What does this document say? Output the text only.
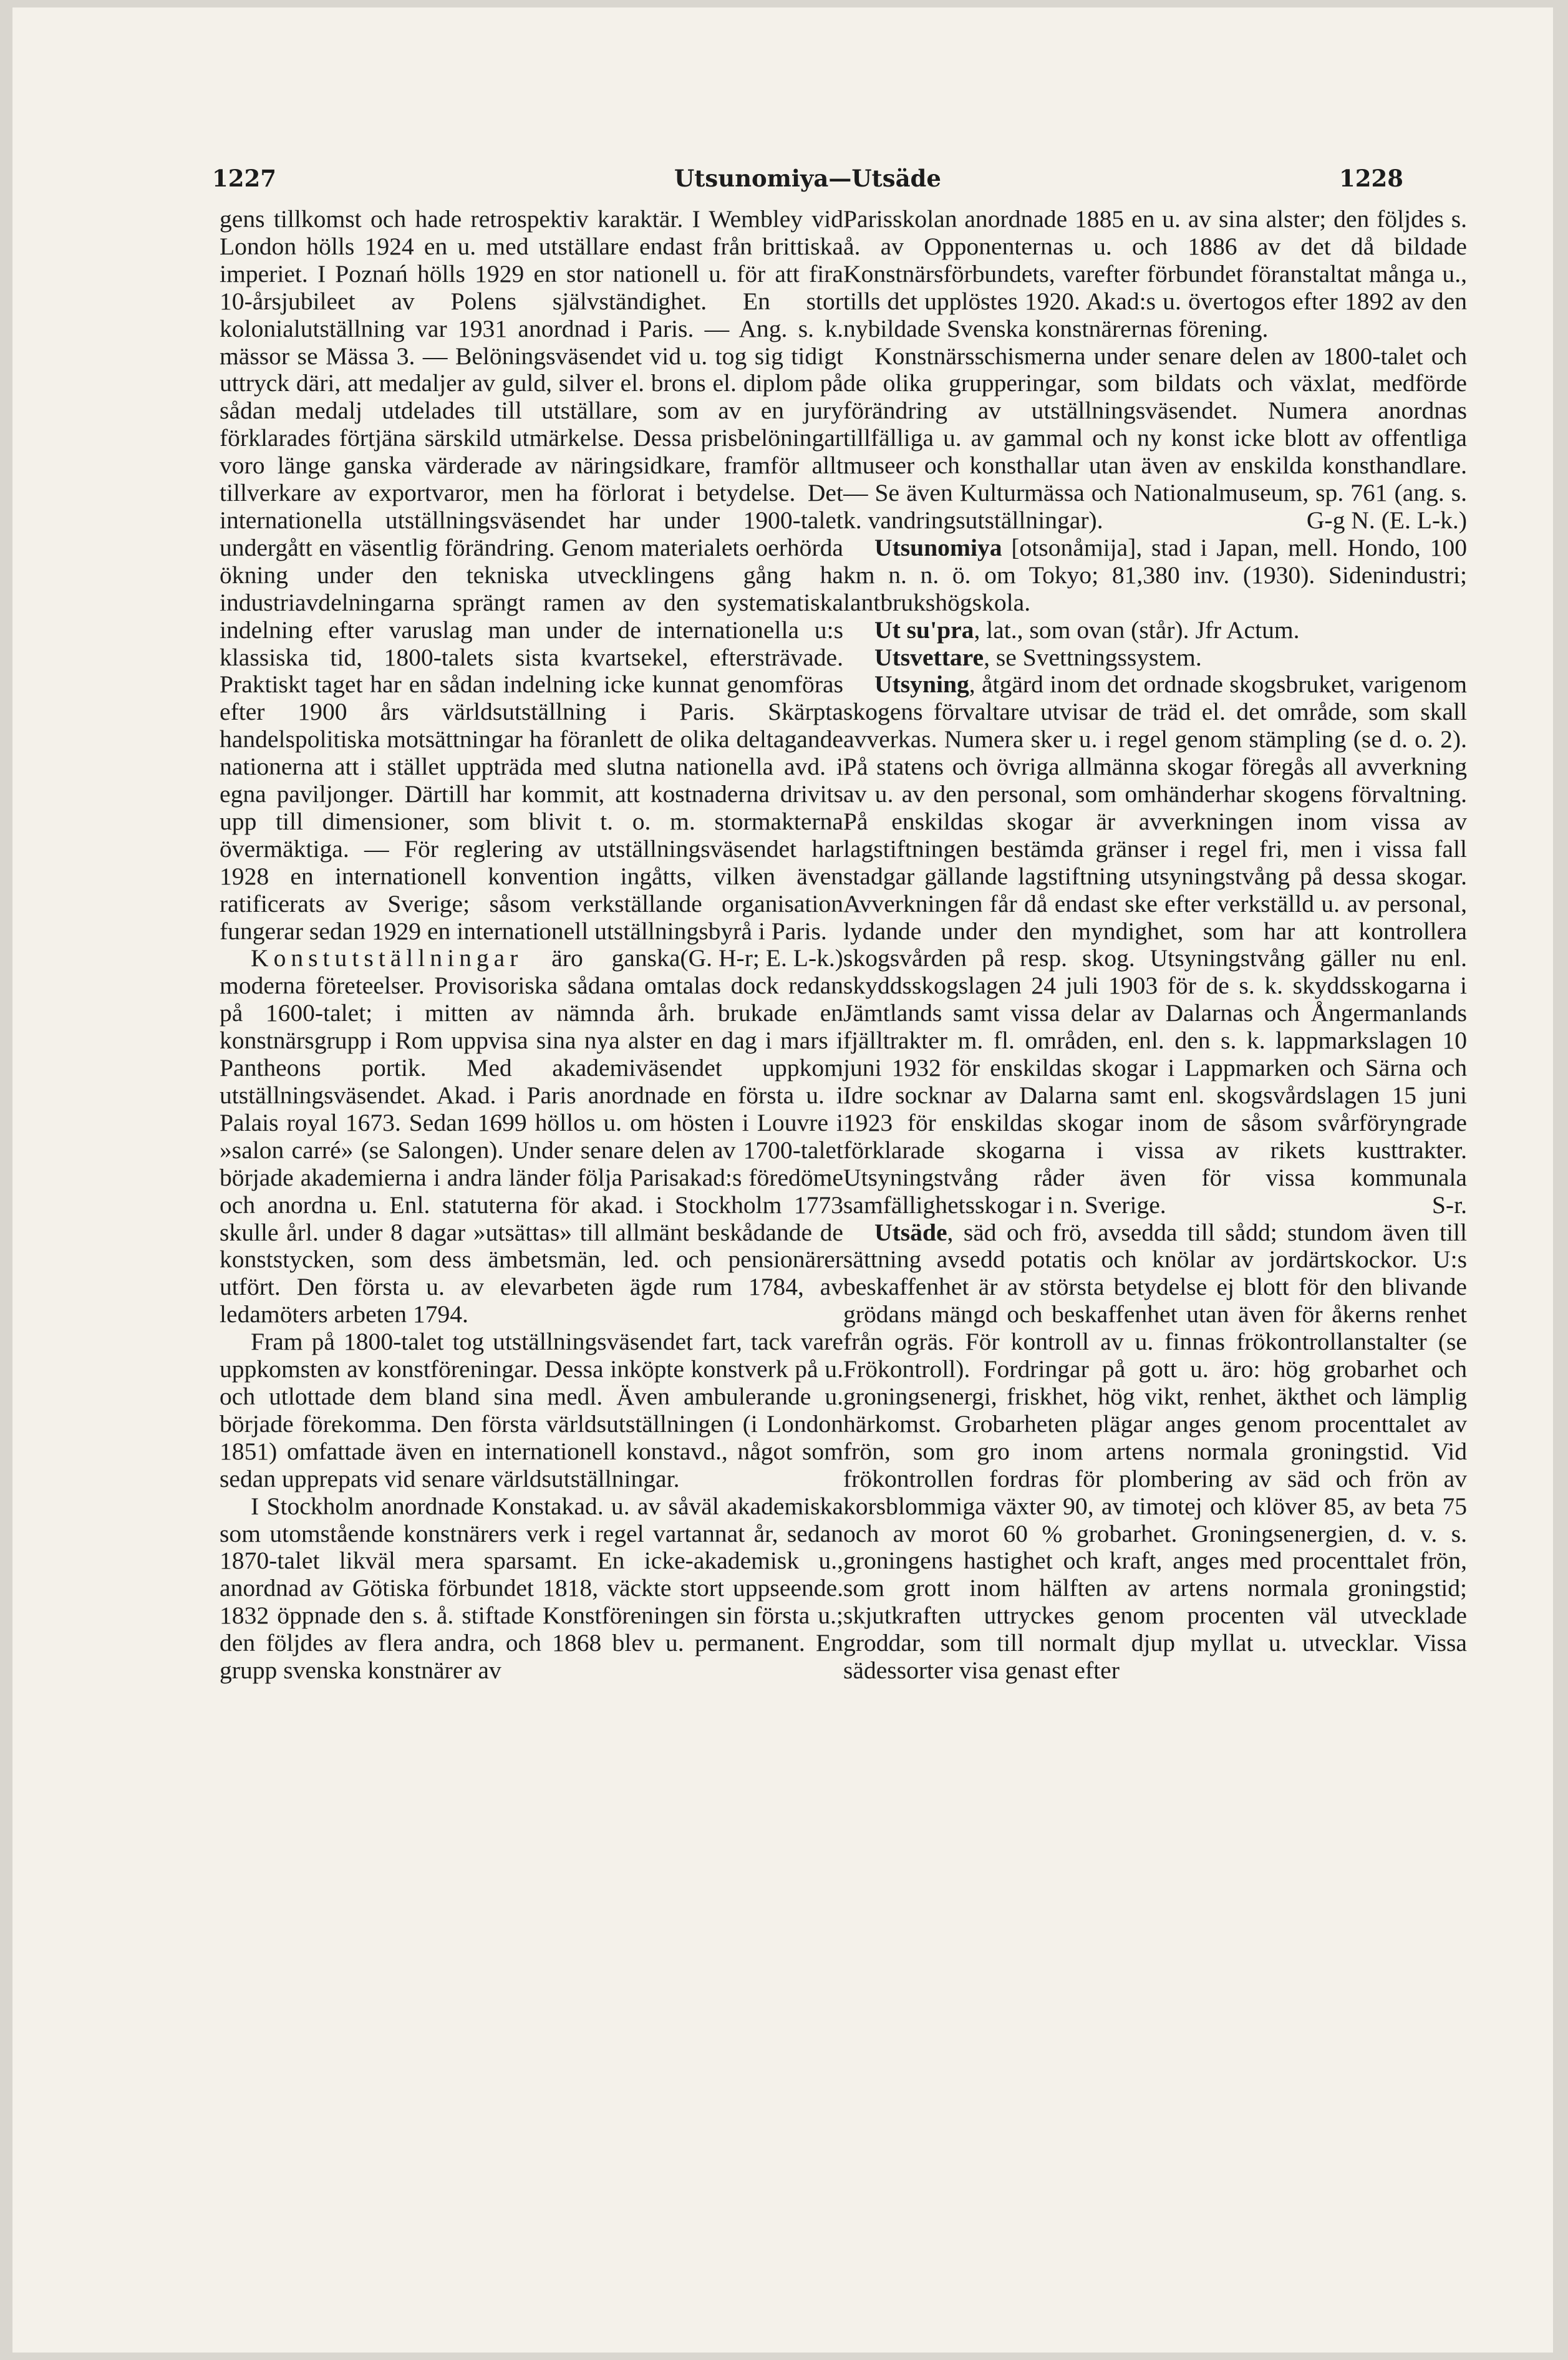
1227	Utsunomiya—Utsäde	1228

gens tillkomst och hade retrospektiv karaktär. I Wembley vid London hölls 1924 en u. med utställare endast från brittiska imperiet. I Poznań hölls 1929 en stor nationell u. för att fira 10-årsjubileet av Polens självständighet. En stor kolonialutställning var 1931 anordnad i Paris. — Ang. s. k. mässor se Mässa 3. — Belöningsväsendet vid u. tog sig tidigt uttryck däri, att medaljer av guld, silver el. brons el. diplom på sådan medalj utdelades till utställare, som av en jury förklarades förtjäna särskild utmärkelse. Dessa prisbelöningar voro länge ganska värderade av näringsidkare, framför allt tillverkare av exportvaror, men ha förlorat i betydelse. Det internationella utställningsväsendet har under 1900-talet undergått en väsentlig förändring. Genom materialets oerhörda ökning under den tekniska utvecklingens gång ha industriavdelningarna sprängt ramen av den systematiska indelning efter varuslag man under de internationella u:s klassiska tid, 1800-talets sista kvartsekel, eftersträvade. Praktiskt taget har en sådan indelning icke kunnat genomföras efter 1900 års världsutställning i Paris. Skärpta handelspolitiska motsättningar ha föranlett de olika deltagande nationerna att i stället uppträda med slutna nationella avd. i egna paviljonger. Därtill har kommit, att kostnaderna drivits upp till dimensioner, som blivit t. o. m. stormakterna övermäktiga. — För reglering av utställningsväsendet har 1928 en internationell konvention ingåtts, vilken även ratificerats av Sverige; såsom verkställande organisation fungerar sedan 1929 en internationell utställningsbyrå i Paris.
(G. H-r; E. L-k.)

Konstutställningar äro ganska moderna företeelser. Provisoriska sådana omtalas dock redan på 1600-talet; i mitten av nämnda årh. brukade en konstnärsgrupp i Rom uppvisa sina nya alster en dag i mars i Pantheons portik. Med akademiväsendet uppkom utställningsväsendet. Akad. i Paris anordnade en första u. i Palais royal 1673. Sedan 1699 höllos u. om hösten i Louvre i »salon carré» (se Salongen). Under senare delen av 1700-talet började akademierna i andra länder följa Parisakad:s föredöme och anordna u. Enl. statuterna för akad. i Stockholm 1773 skulle årl. under 8 dagar »utsättas» till allmänt beskådande de konststycken, som dess ämbetsmän, led. och pensionärer utfört. Den första u. av elevarbeten ägde rum 1784, av ledamöters arbeten 1794.

Fram på 1800-talet tog utställningsväsendet fart, tack vare uppkomsten av konstföreningar. Dessa inköpte konstverk på u. och utlottade dem bland sina medl. Även ambulerande u. började förekomma. Den första världsutställningen (i London 1851) omfattade även en internationell konstavd., något som sedan upprepats vid senare världsutställningar.

I Stockholm anordnade Konstakad. u. av såväl akademiska som utomstående konstnärers verk i regel vartannat år, sedan 1870-talet likväl mera sparsamt. En icke-akademisk u., anordnad av Götiska förbundet 1818, väckte stort uppseende. 1832 öppnade den s. å. stiftade Konstföreningen sin första u.; den följdes av flera andra, och 1868 blev u. permanent. En grupp svenska konstnärer av

Parisskolan anordnade 1885 en u. av sina alster; den följdes s. å. av Opponenternas u. och 1886 av det då bildade Konstnärsförbundets, varefter förbundet föranstaltat många u., tills det upplöstes 1920. Akad:s u. övertogos efter 1892 av den nybildade Svenska konstnärernas förening.

Konstnärsschismerna under senare delen av 1800-talet och de olika grupperingar, som bildats och växlat, medförde förändring av utställningsväsendet. Numera anordnas tillfälliga u. av gammal och ny konst icke blott av offentliga museer och konsthallar utan även av enskilda konsthandlare. — Se även Kulturmässa och Nationalmuseum, sp. 761 (ang. s. k. vandringsutställningar).	G-g N. (E. L-k.)

Utsunomiya [otsonåmija], stad i Japan, mell. Hondo, 100 km n. n. ö. om Tokyo; 81,380 inv. (1930). Sidenindustri; lantbrukshögskola.

Ut su'pra, lat., som ovan (står). Jfr Actum.

Utsvettare, se Svettningssystem.

Utsyning, åtgärd inom det ordnade skogsbruket, varigenom skogens förvaltare utvisar de träd el. det område, som skall avverkas. Numera sker u. i regel genom stämpling (se d. o. 2). På statens och övriga allmänna skogar föregås all avverkning av u. av den personal, som omhänderhar skogens förvaltning. På enskildas skogar är avverkningen inom vissa av lagstiftningen bestämda gränser i regel fri, men i vissa fall stadgar gällande lagstiftning utsyningstvång på dessa skogar. Avverkningen får då endast ske efter verkställd u. av personal, lydande under den myndighet, som har att kontrollera skogsvården på resp. skog. Utsyningstvång gäller nu enl. skyddsskogslagen 24 juli 1903 för de s. k. skyddsskogarna i Jämtlands samt vissa delar av Dalarnas och Ångermanlands fjälltrakter m. fl. områden, enl. den s. k. lappmarkslagen 10 juni 1932 för enskildas skogar i Lappmarken och Särna och Idre socknar av Dalarna samt enl. skogsvårdslagen 15 juni 1923 för enskildas skogar inom de såsom svårföryngrade förklarade skogarna i vissa av rikets kusttrakter. Utsyningstvång råder även för vissa kommunala samfällighetsskogar i n. Sverige.	S-r.

Utsäde, säd och frö, avsedda till sådd; stundom även till sättning avsedd potatis och knölar av jordärtskockor. U:s beskaffenhet är av största betydelse ej blott för den blivande grödans mängd och beskaffenhet utan även för åkerns renhet från ogräs. För kontroll av u. finnas frökontrollanstalter (se Frökontroll). Fordringar på gott u. äro: hög grobarhet och groningsenergi, friskhet, hög vikt, renhet, äkthet och lämplig härkomst. Grobarheten plägar anges genom procenttalet av frön, som gro inom artens normala groningstid. Vid frökontrollen fordras för plombering av säd och frön av korsblommiga växter 90, av timotej och klöver 85, av beta 75 och av morot 60 % grobarhet. Groningsenergien, d. v. s. groningens hastighet och kraft, anges med procenttalet frön, som grott inom hälften av artens normala groningstid; skjutkraften uttryckes genom procenten väl utvecklade groddar, som till normalt djup myllat u. utvecklar. Vissa sädessorter visa genast efter
